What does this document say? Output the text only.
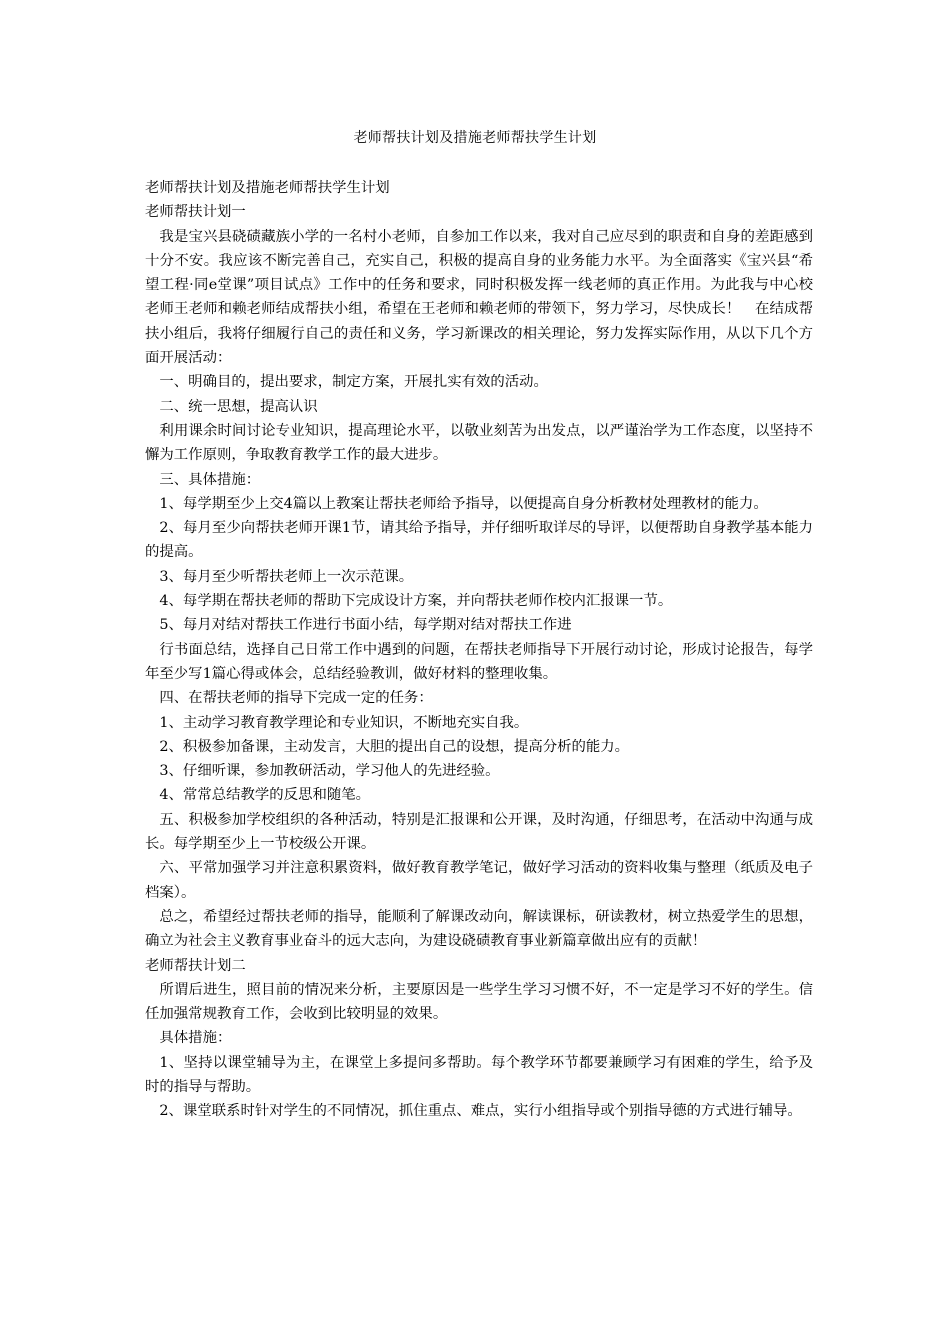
老师帮扶计划及措施老师帮扶学生计划

老师帮扶计划及措施老师帮扶学生计划

老师帮扶计划一

我是宝兴县硗碛藏族小学的一名村小老师，自参加工作以来，我对自己应尽到的职责和自身的差距感到十分不安。我应该不断完善自己，充实自己，积极的提高自身的业务能力水平。为全面落实《宝兴县“希望工程·同e堂课”项目试点》工作中的任务和要求，同时积极发挥一线老师的真正作用。为此我与中心校老师王老师和赖老师结成帮扶小组，希望在王老师和赖老师的带领下，努力学习，尽快成长！　在结成帮扶小组后，我将仔细履行自己的责任和义务，学习新课改的相关理论，努力发挥实际作用，从以下几个方面开展活动：

一、明确目的，提出要求，制定方案，开展扎实有效的活动。

二、统一思想，提高认识

利用课余时间讨论专业知识，提高理论水平，以敬业刻苦为出发点，以严谨治学为工作态度，以坚持不懈为工作原则，争取教育教学工作的最大进步。

三、具体措施：

1、每学期至少上交4篇以上教案让帮扶老师给予指导，以便提高自身分析教材处理教材的能力。

2、每月至少向帮扶老师开课1节，请其给予指导，并仔细听取详尽的导评，以便帮助自身教学基本能力的提高。

3、每月至少听帮扶老师上一次示范课。

4、每学期在帮扶老师的帮助下完成设计方案，并向帮扶老师作校内汇报课一节。

5、每月对结对帮扶工作进行书面小结，每学期对结对帮扶工作进

行书面总结，选择自己日常工作中遇到的问题，在帮扶老师指导下开展行动讨论，形成讨论报告，每学年至少写1篇心得或体会，总结经验教训，做好材料的整理收集。

四、在帮扶老师的指导下完成一定的任务：

1、主动学习教育教学理论和专业知识，不断地充实自我。

2、积极参加备课，主动发言，大胆的提出自己的设想，提高分析的能力。

3、仔细听课，参加教研活动，学习他人的先进经验。

4、常常总结教学的反思和随笔。

五、积极参加学校组织的各种活动，特别是汇报课和公开课，及时沟通，仔细思考，在活动中沟通与成长。每学期至少上一节校级公开课。

六、平常加强学习并注意积累资料，做好教育教学笔记，做好学习活动的资料收集与整理（纸质及电子档案）。

总之，希望经过帮扶老师的指导，能顺利了解课改动向，解读课标，研读教材，树立热爱学生的思想，确立为社会主义教育事业奋斗的远大志向，为建设硗碛教育事业新篇章做出应有的贡献！

老师帮扶计划二

所谓后进生，照目前的情况来分析，主要原因是一些学生学习习惯不好，不一定是学习不好的学生。信任加强常规教育工作，会收到比较明显的效果。

具体措施：

1、坚持以课堂辅导为主，在课堂上多提问多帮助。每个教学环节都要兼顾学习有困难的学生，给予及时的指导与帮助。

2、课堂联系时针对学生的不同情况，抓住重点、难点，实行小组指导或个别指导德的方式进行辅导。
